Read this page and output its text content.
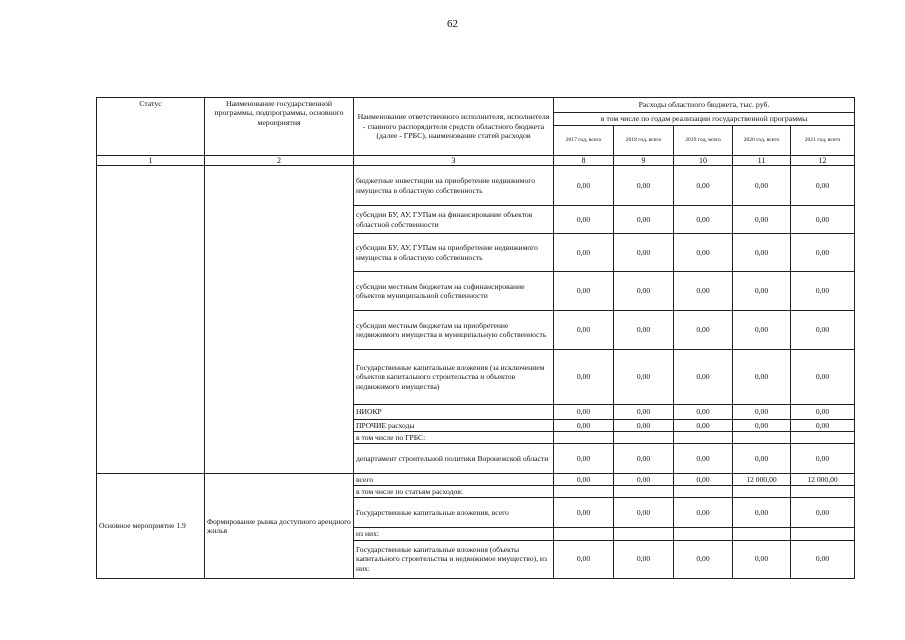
62
Статус	Наименование государственной программы, подпрограммы, основного мероприятия	Наименование ответственного исполнителя, исполнителя - главного распорядителя средств областного бюджета (далее - ГРБС), наименование статей расходов	Расходы областного бюджета, тыс. руб.				
			в том числе по годам реализации государственной программы				
			2017 год, всего	2018 год, всего	2019 год, всего	2020 год, всего	2021 год, всего
1	2	3	8	9	10	11	12
		бюджетные инвестиции на приобретение недвижимого имущества в областную собственность	0,00	0,00	0,00	0,00	0,00
		субсидии БУ, АУ, ГУПам на финансирование объектов областной собственности	0,00	0,00	0,00	0,00	0,00
		субсидии БУ, АУ, ГУПам на приобретение недвижимого имущества в областную собственность	0,00	0,00	0,00	0,00	0,00
		субсидии местным бюджетам на софинансирование объектов муниципальной собственности	0,00	0,00	0,00	0,00	0,00
		субсидии местным бюджетам на приобретение недвижимого имущества в муниципальную собственность	0,00	0,00	0,00	0,00	0,00
		Государственные капитальные вложения (за исключением объектов капитального строительства и объектов недвижимого имущества)	0,00	0,00	0,00	0,00	0,00
		НИОКР	0,00	0,00	0,00	0,00	0,00
		ПРОЧИЕ расходы	0,00	0,00	0,00	0,00	0,00
		в том числе по ГРБС:					
		департамент строительной политики Воронежской области	0,00	0,00	0,00	0,00	0,00
Основное мероприятие 1.9	Формирование рынка доступного арендного жилья	всего	0,00	0,00	0,00	12 000,00	12 000,00
		в том числе по статьям расходов:					
		Государственные капитальные вложения, всего	0,00	0,00	0,00	0,00	0,00
		из них:					
		Государственные капитальные вложения (объекты капитального строительства и недвижимое имущество), из них:	0,00	0,00	0,00	0,00	0,00
